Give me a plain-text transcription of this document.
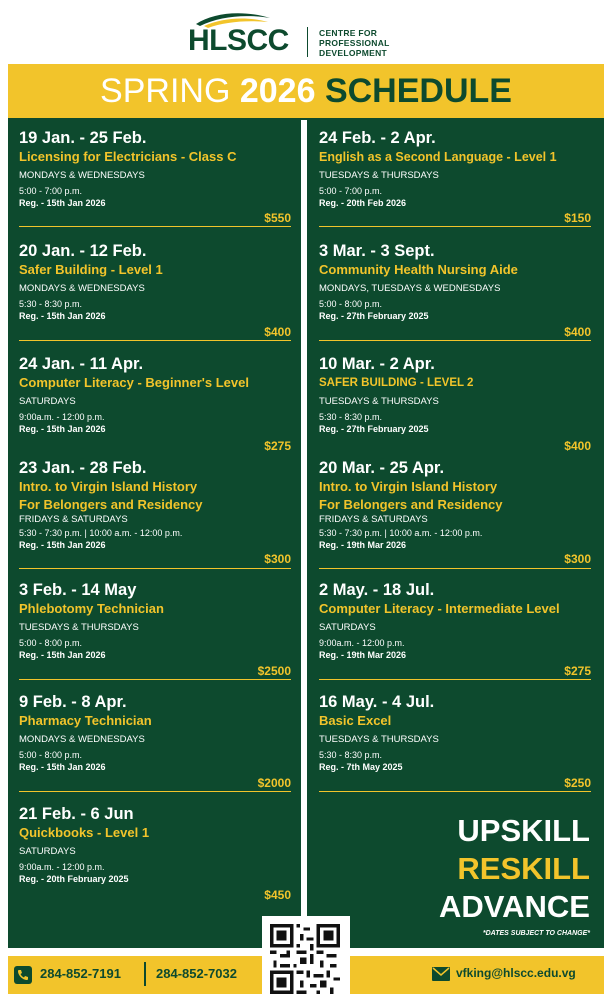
HLSCC	CENTRE FOR
PROFESSIONAL
DEVELOPMENT
SPRING 2026 SCHEDULE
19 Jan. - 25 Feb.
Licensing for Electricians - Class C
MONDAYS & WEDNESDAYS
5:00 - 7:00 p.m.
Reg. - 15th Jan 2026
$550
20 Jan. - 12 Feb.
Safer Building - Level 1
MONDAYS & WEDNESDAYS
5:30 - 8:30 p.m.
Reg. - 15th Jan 2026
$400
24 Jan. - 11 Apr.
Computer Literacy - Beginner's Level
SATURDAYS
9:00a.m. - 12:00 p.m.
Reg. - 15th Jan 2026
$275
23 Jan. - 28 Feb.
Intro. to Virgin Island History
For Belongers and Residency
FRIDAYS & SATURDAYS
5:30 - 7:30 p.m. | 10:00 a.m. - 12:00 p.m.
Reg. - 15th Jan 2026
$300
3 Feb. - 14 May
Phlebotomy Technician
TUESDAYS & THURSDAYS
5:00 - 8:00 p.m.
Reg. - 15th Jan 2026
$2500
9 Feb. - 8 Apr.
Pharmacy Technician
MONDAYS & WEDNESDAYS
5:00 - 8:00 p.m.
Reg. - 15th Jan 2026
$2000
21 Feb. - 6 Jun
Quickbooks - Level 1
SATURDAYS
9:00a.m. - 12:00 p.m.
Reg. - 20th February 2025
$450
24 Feb. - 2 Apr.
English as a Second Language - Level 1
TUESDAYS & THURSDAYS
5:00 - 7:00 p.m.
Reg. - 20th Feb 2026
$150
3 Mar. - 3 Sept.
Community Health Nursing Aide
MONDAYS, TUESDAYS & WEDNESDAYS
5:00 - 8:00 p.m.
Reg. - 27th February 2025
$400
10 Mar. - 2 Apr.
SAFER BUILDING - LEVEL 2
TUESDAYS & THURSDAYS
5:30 - 8:30 p.m.
Reg. - 27th February 2025
$400
20 Mar. - 25 Apr.
Intro. to Virgin Island History
For Belongers and Residency
FRIDAYS & SATURDAYS
5:30 - 7:30 p.m. | 10:00 a.m. - 12:00 p.m.
Reg. - 19th Mar 2026
$300
2 May. - 18 Jul.
Computer Literacy - Intermediate Level
SATURDAYS
9:00a.m. - 12:00 p.m.
Reg. - 19th Mar 2026
$275
16 May. - 4 Jul.
Basic Excel
TUESDAYS & THURSDAYS
5:30 - 8:30 p.m.
Reg. - 7th May 2025
$250
UPSKILL
RESKILL
ADVANCE
*DATES SUBJECT TO CHANGE*
284-852-7191	284-852-7032	vfking@hlscc.edu.vg
